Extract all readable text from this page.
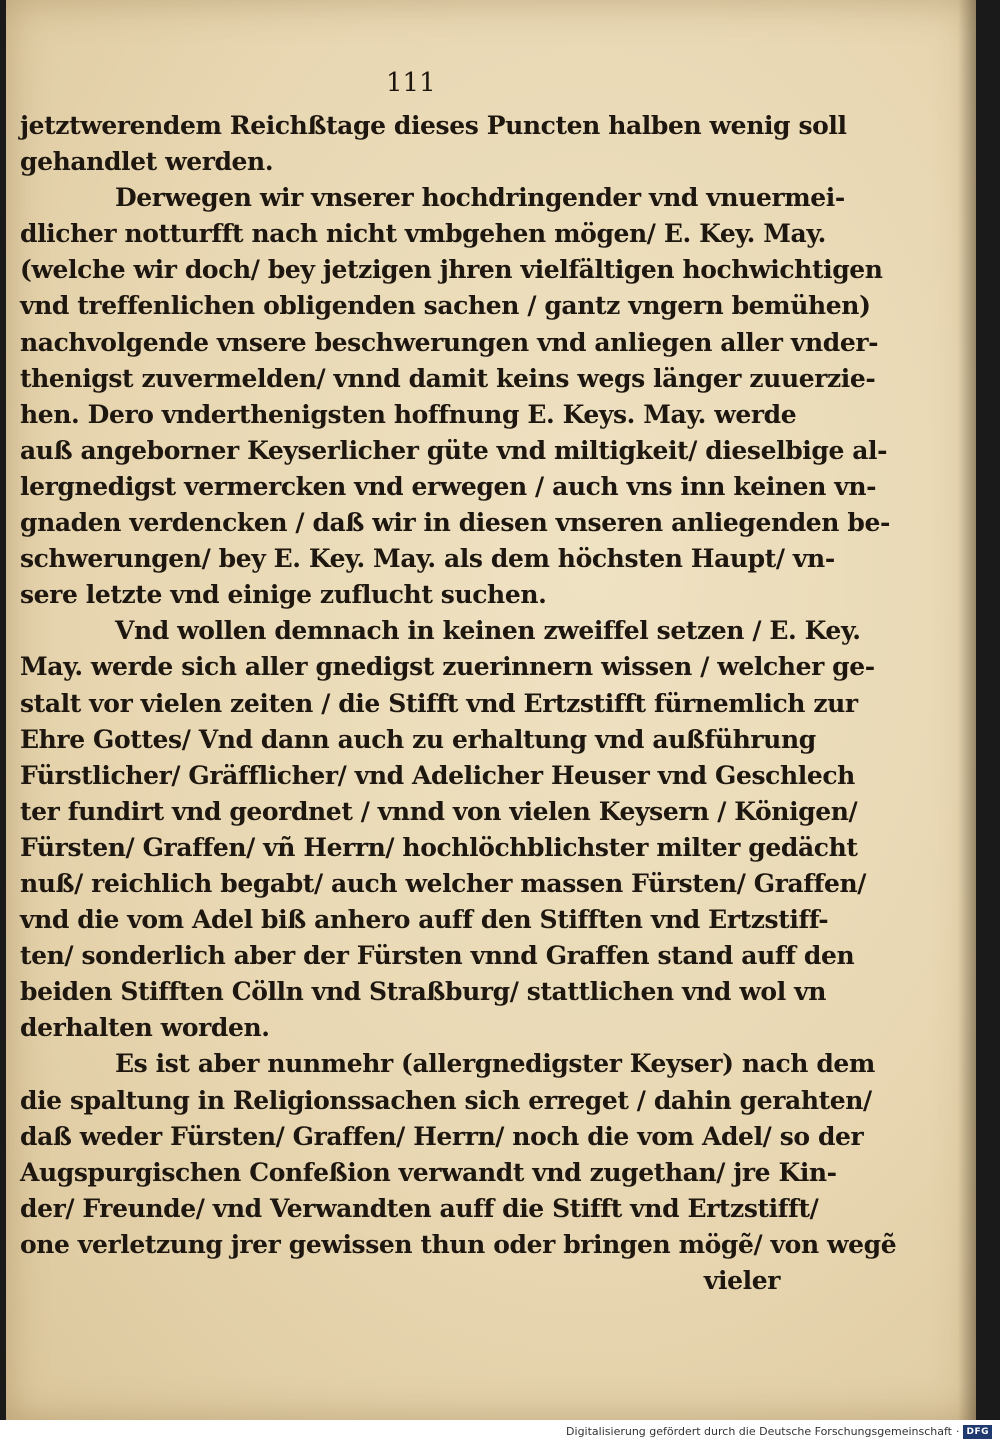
111
jetztwerendem Reichßtage dieses Puncten halben wenig soll
gehandlet werden.
Derwegen wir vnserer hochdringender vnd vnuermei-
dlicher notturfft nach nicht vmbgehen mögen/ E. Key. May.
(welche wir doch/ bey jetzigen jhren vielfältigen hochwichtigen
vnd treffenlichen obligenden sachen / gantz vngern bemühen)
nachvolgende vnsere beschwerungen vnd anliegen aller vnder-
thenigst zuvermelden/ vnnd damit keins wegs länger zuuerzie-
hen. Dero vnderthenigsten hoffnung E. Keys. May. werde
auß angeborner Keyserlicher güte vnd miltigkeit/ dieselbige al-
lergnedigst vermercken vnd erwegen / auch vns inn keinen vn-
gnaden verdencken / daß wir in diesen vnseren anliegenden be-
schwerungen/ bey E. Key. May. als dem höchsten Haupt/ vn-
sere letzte vnd einige zuflucht suchen.
Vnd wollen demnach in keinen zweiffel setzen / E. Key.
May. werde sich aller gnedigst zuerinnern wissen / welcher ge-
stalt vor vielen zeiten / die Stifft vnd Ertzstifft fürnemlich zur
Ehre Gottes/ Vnd dann auch zu erhaltung vnd außführung
Fürstlicher/ Gräfflicher/ vnd Adelicher Heuser vnd Geschlech
ter fundirt vnd geordnet / vnnd von vielen Keysern / Königen/
Fürsten/ Graffen/ vñ Herrn/ hochlöchblichster milter gedächt
nuß/ reichlich begabt/ auch welcher massen Fürsten/ Graffen/
vnd die vom Adel biß anhero auff den Stifften vnd Ertzstiff-
ten/ sonderlich aber der Fürsten vnnd Graffen stand auff den
beiden Stifften Cölln vnd Straßburg/ stattlichen vnd wol vn
derhalten worden.
Es ist aber nunmehr (allergnedigster Keyser) nach dem
die spaltung in Religionssachen sich erreget / dahin gerahten/
daß weder Fürsten/ Graffen/ Herrn/ noch die vom Adel/ so der
Augspurgischen Confeßion verwandt vnd zugethan/ jre Kin-
der/ Freunde/ vnd Verwandten auff die Stifft vnd Ertzstifft/
one verletzung jrer gewissen thun oder bringen mögẽ/ von wegẽ
vieler
Digitalisierung gefördert durch die Deutsche Forschungsgemeinschaft · DFG
